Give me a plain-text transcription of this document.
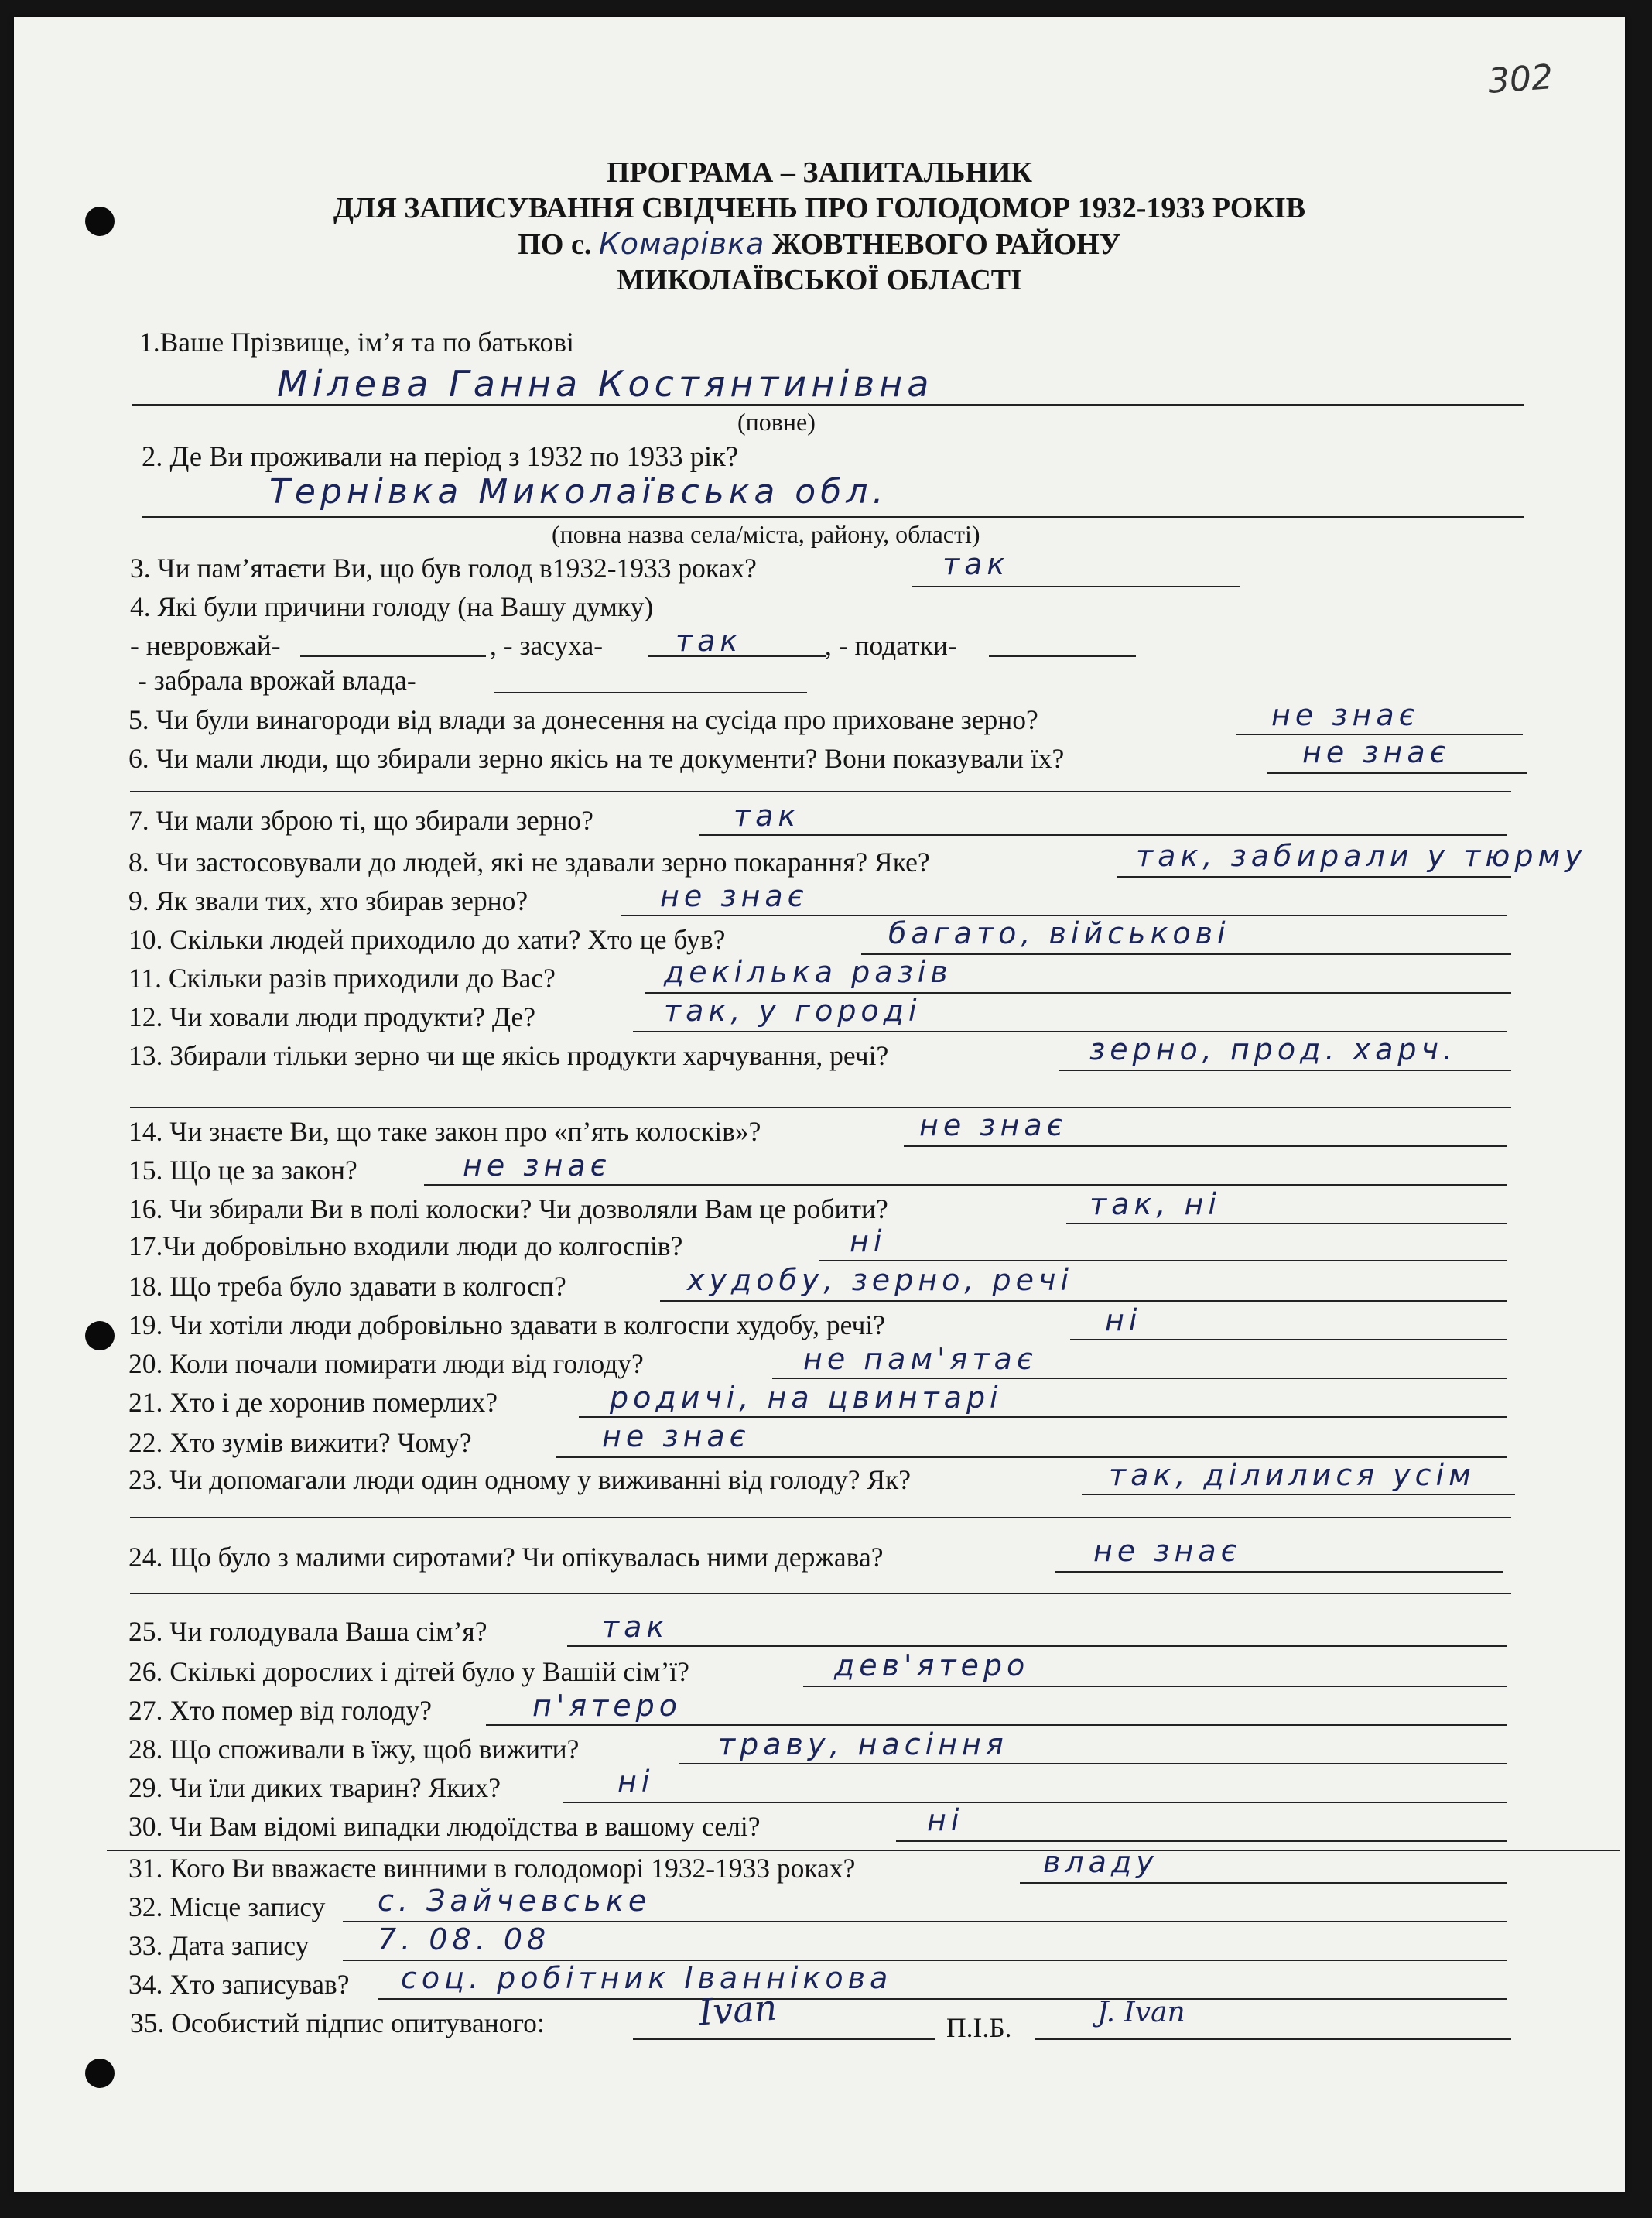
302
ПРОГРАМА – ЗАПИТАЛЬНИК
ДЛЯ ЗАПИСУВАННЯ СВІДЧЕНЬ ПРО ГОЛОДОМОР 1932-1933 РОКІВ
ПО с. Комарівка ЖОВТНЕВОГО РАЙОНУ
МИКОЛАЇВСЬКОЇ ОБЛАСТІ
1.Ваше Прізвище, ім’я та по батькові
Мілева Ганна Костянтинівна
(повне)
2. Де Ви проживали на період з 1932 по 1933 рік?
Тернівка Миколаївська обл.
(повна назва села/міста, району, області)
3. Чи пам’ятаєти Ви, що був голод в1932-1933 роках?	так
4. Які були причини голоду (на Вашу думку)
- невровжай-	, - засуха- так	, - податки-
- забрала врожай влада-
5. Чи були винагороди від влади за донесення на сусіда про приховане зерно?	не знає
6. Чи мали люди, що збирали зерно якісь на те документи? Вони показували їх?	не знає
7. Чи мали зброю ті, що збирали зерно?	так
8. Чи застосовували до людей, які не здавали зерно покарання? Яке?	так, забирали у тюрму
9. Як звали тих, хто збирав зерно?	не знає
10. Скільки людей приходило до хати? Хто це був?	багато, військові
11. Скільки разів приходили до Вас?	декілька разів
12. Чи ховали люди продукти? Де?	так, у городі
13. Збирали тільки зерно чи ще якісь продукти харчування, речі?	зерно, прод. харч.
14. Чи знаєте Ви, що таке закон про «п’ять колосків»?	не знає
15. Що це за закон?	не знає
16. Чи збирали Ви в полі колоски? Чи дозволяли Вам це робити?	так, ні
17.Чи добровільно входили люди до колгоспів?	ні
18. Що треба було здавати в колгосп?	худобу, зерно, речі
19. Чи хотіли люди добровільно здавати в колгоспи худобу, речі?	ні
20. Коли почали помирати люди від голоду?	не пам'ятає
21. Хто і де хоронив померлих?	родичі, на цвинтарі
22. Хто зумів вижити? Чому?	не знає
23. Чи допомагали люди один одному у виживанні від голоду? Як?	так, ділилися усім
24. Що було з малими сиротами? Чи опікувалась ними держава?	не знає
25. Чи голодувала Ваша сім’я?	так
26. Скількі дорослих і дітей було у Вашій сім’ї?	дев'ятеро
27. Хто помер від голоду?	п'ятеро
28. Що споживали в їжу, щоб вижити?	траву, насіння
29. Чи їли диких тварин? Яких?	ні
30. Чи Вам відомі випадки людоїдства в вашому селі?	ні
31. Кого Ви вважаєте винними в голодоморі 1932-1933 роках?	владу
32. Місце запису с. Зайчевське
33. Дата запису 7. 08. 08
34. Хто записував? соц. робітник Іванніковa
35. Особистий підпис опитуваного:	Ivan	П.І.Б.	J. Ivan
